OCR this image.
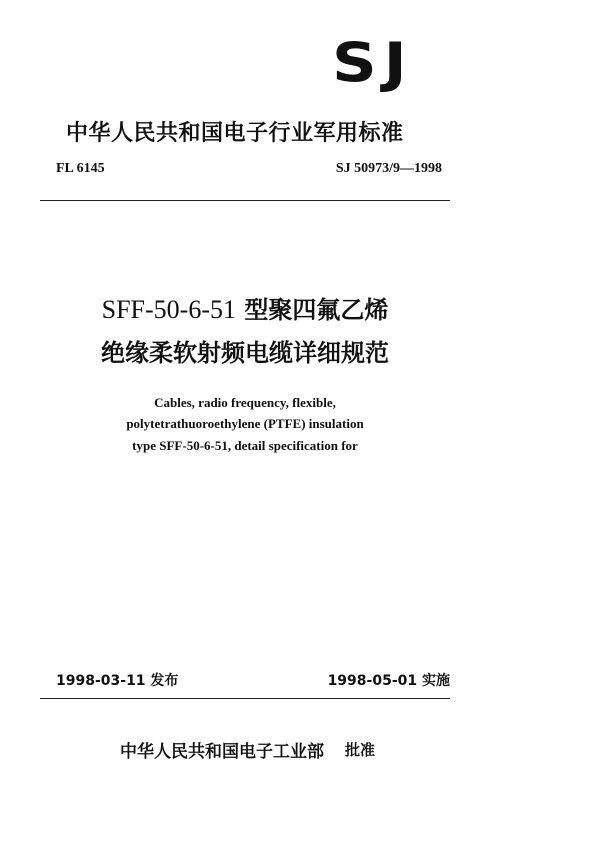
SJ
中华人民共和国电子行业军用标准
FL 6145	SJ 50973/9—1998
SFF-50-6-51 型聚四氟乙烯
绝缘柔软射频电缆详细规范
Cables, radio frequency, flexible,
polytetrathuoroethylene (PTFE) insulation
type SFF-50-6-51, detail specification for
1998-03-11 发布	1998-05-01 实施
中华人民共和国电子工业部 批准
